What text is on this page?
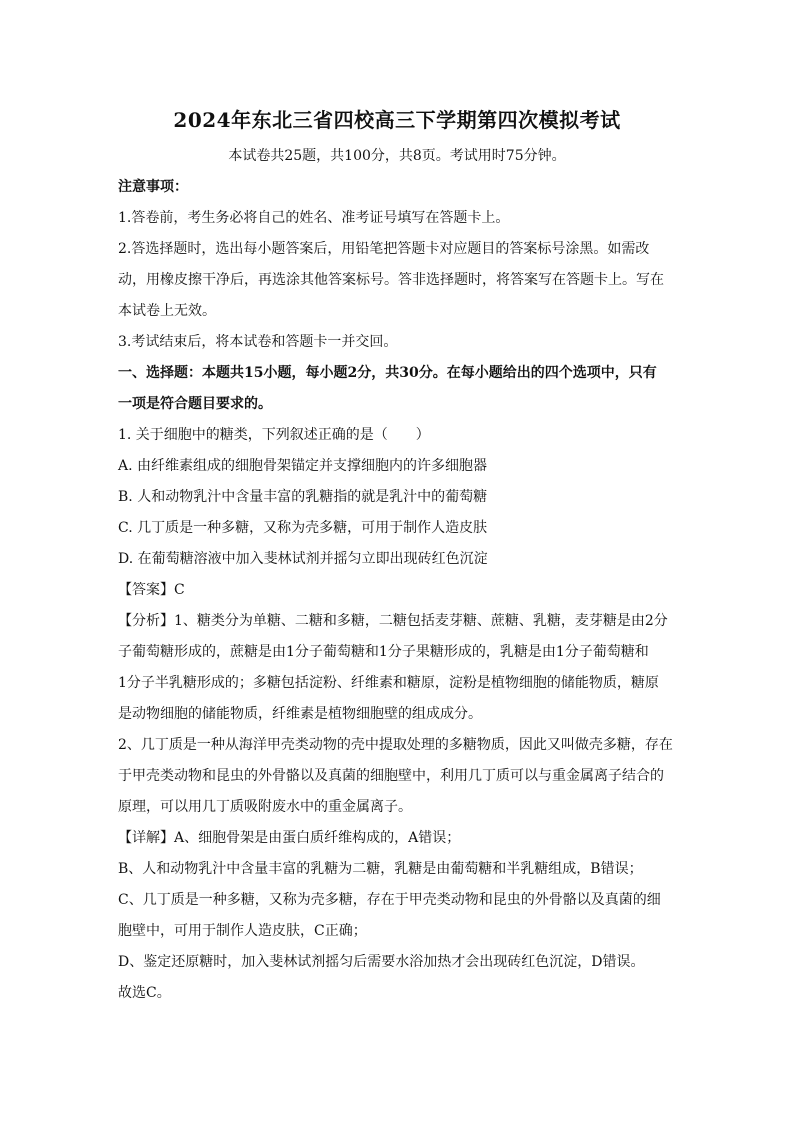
2024年东北三省四校高三下学期第四次模拟考试
本试卷共25题，共100分，共8页。考试用时75分钟。
注意事项：
1.答卷前，考生务必将自己的姓名、准考证号填写在答题卡上。
2.答选择题时，选出每小题答案后，用铅笔把答题卡对应题目的答案标号涂黑。如需改
动，用橡皮擦干净后，再选涂其他答案标号。答非选择题时，将答案写在答题卡上。写在
本试卷上无效。
3.考试结束后，将本试卷和答题卡一并交回。
一、选择题：本题共15小题，每小题2分，共30分。在每小题给出的四个选项中，只有
一项是符合题目要求的。
1. 关于细胞中的糖类，下列叙述正确的是（　　）
A. 由纤维素组成的细胞骨架锚定并支撑细胞内的许多细胞器
B. 人和动物乳汁中含量丰富的乳糖指的就是乳汁中的葡萄糖
C. 几丁质是一种多糖，又称为壳多糖，可用于制作人造皮肤
D. 在葡萄糖溶液中加入斐林试剂并摇匀立即出现砖红色沉淀
【答案】C
【分析】1、糖类分为单糖、二糖和多糖，二糖包括麦芽糖、蔗糖、乳糖，麦芽糖是由2分
子葡萄糖形成的，蔗糖是由1分子葡萄糖和1分子果糖形成的，乳糖是由1分子葡萄糖和
1分子半乳糖形成的；多糖包括淀粉、纤维素和糖原，淀粉是植物细胞的储能物质，糖原
是动物细胞的储能物质，纤维素是植物细胞壁的组成成分。
2、几丁质是一种从海洋甲壳类动物的壳中提取处理的多糖物质，因此又叫做壳多糖，存在
于甲壳类动物和昆虫的外骨骼以及真菌的细胞壁中，利用几丁质可以与重金属离子结合的
原理，可以用几丁质吸附废水中的重金属离子。
【详解】A、细胞骨架是由蛋白质纤维构成的，A错误；
B、人和动物乳汁中含量丰富的乳糖为二糖，乳糖是由葡萄糖和半乳糖组成，B错误；
C、几丁质是一种多糖，又称为壳多糖，存在于甲壳类动物和昆虫的外骨骼以及真菌的细
胞壁中，可用于制作人造皮肤，C正确；
D、鉴定还原糖时，加入斐林试剂摇匀后需要水浴加热才会出现砖红色沉淀，D错误。
故选C。
